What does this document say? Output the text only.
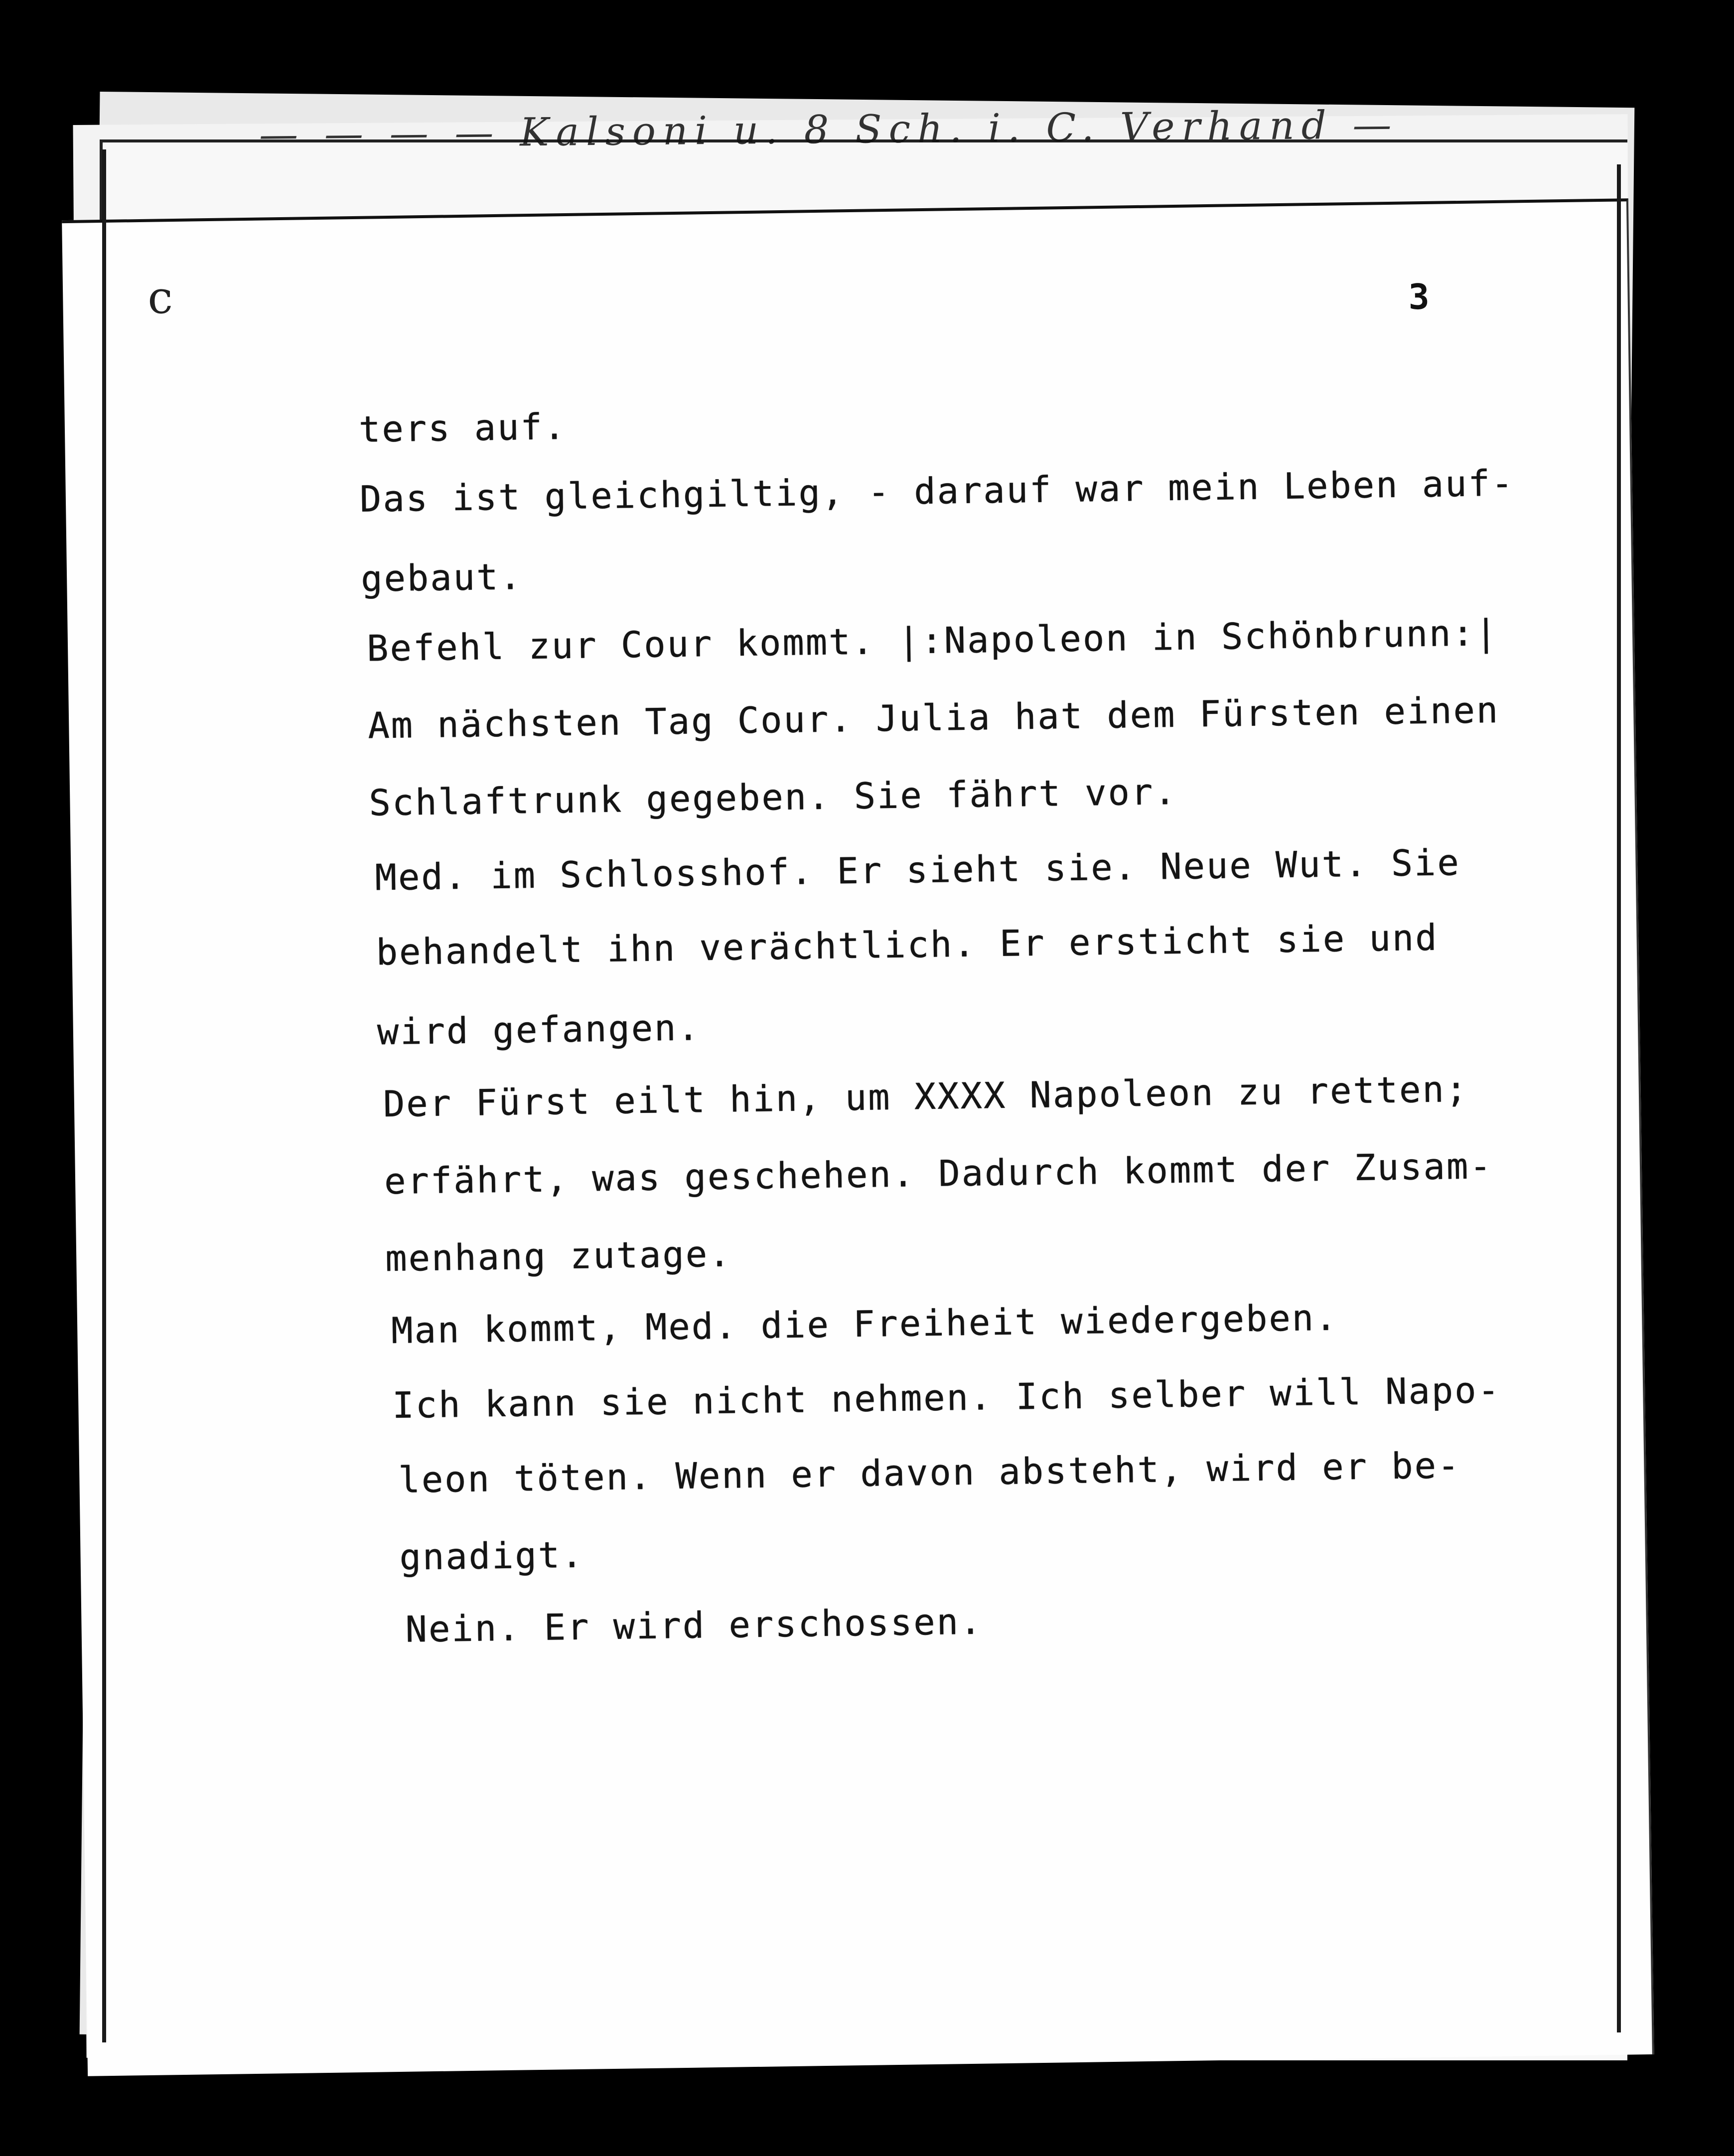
— — — — Kalsoni u. 8 Sch. i. C. Verhand —
c	3
ters auf.
Das ist gleichgiltig, - darauf war mein Leben auf-
gebaut.
Befehl zur Cour kommt. |:Napoleon in Schönbrunn:|
Am nächsten Tag Cour. Julia hat dem Fürsten einen
Schlaftrunk gegeben. Sie fährt vor.
Med. im Schlosshof. Er sieht sie. Neue Wut. Sie
behandelt ihn verächtlich. Er ersticht sie und
wird gefangen.
Der Fürst eilt hin, um XXXX Napoleon zu retten;
erfährt, was geschehen. Dadurch kommt der Zusam-
menhang zutage.
Man kommt, Med. die Freiheit wiedergeben.
Ich kann sie nicht nehmen. Ich selber will Napo-
leon töten. Wenn er davon absteht, wird er be-
gnadigt.
Nein. Er wird erschossen.
